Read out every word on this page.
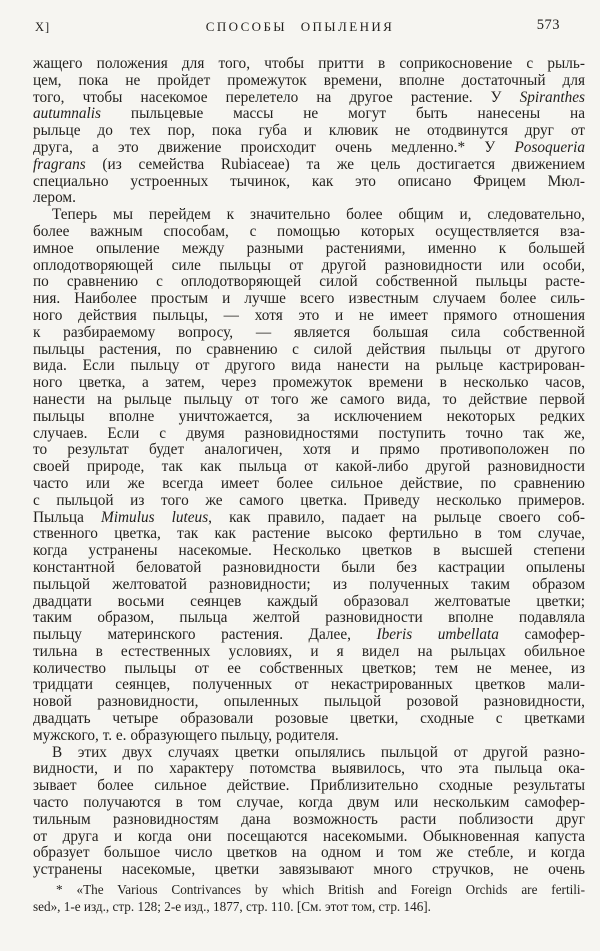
X]	СПОСОБЫ ОПЫЛЕНИЯ	573
жащего положения для того, чтобы притти в соприкосновение с рыль-
цем, пока не пройдет промежуток времени, вполне достаточный для
того, чтобы насекомое перелетело на другое растение. У Spiranthes
autumnalis пыльцевые массы не могут быть нанесены на
рыльце до тех пор, пока губа и клювик не отодвинутся друг от
друга, а это движение происходит очень медленно.* У Posoqueria
fragrans (из семейства Rubiaceae) та же цель достигается движением
специально устроенных тычинок, как это описано Фрицем Мюл-
лером.
Теперь мы перейдем к значительно более общим и, следовательно,
более важным способам, с помощью которых осуществляется вза-
имное опыление между разными растениями, именно к большей
оплодотворяющей силе пыльцы от другой разновидности или особи,
по сравнению с оплодотворяющей силой собственной пыльцы расте-
ния. Наиболее простым и лучше всего известным случаем более силь-
ного действия пыльцы, — хотя это и не имеет прямого отношения
к разбираемому вопросу, — является бо̀льшая сила собственной
пыльцы растения, по сравнению с силой действия пыльцы от другого
вида. Если пыльцу от другого вида нанести на рыльце кастрирован-
ного цветка, а затем, через промежуток времени в несколько часов,
нанести на рыльце пыльцу от того же самого вида, то действие первой
пыльцы вполне уничтожается, за исключением некоторых редких
случаев. Если с двумя разновидностями поступить точно так же,
то результат будет аналогичен, хотя и прямо противоположен по
своей природе, так как пыльца от какой-либо другой разновидности
часто или же всегда имеет более сильное действие, по сравнению
с пыльцой из того же самого цветка. Приведу несколько примеров.
Пыльца Mimulus luteus, как правило, падает на рыльце своего соб-
ственного цветка, так как растение высоко фертильно в том случае,
когда устранены насекомые. Несколько цветков в высшей степени
константной беловатой разновидности были без кастрации опылены
пыльцой желтоватой разновидности; из полученных таким образом
двадцати восьми сеянцев каждый образовал желтоватые цветки;
таким образом, пыльца желтой разновидности вполне подавляла
пыльцу материнского растения. Далее, Iberis umbellata самофер-
тильна в естественных условиях, и я видел на рыльцах обильное
количество пыльцы от ее собственных цветков; тем не менее, из
тридцати сеянцев, полученных от некастрированных цветков мали-
новой разновидности, опыленных пыльцой розовой разновидности,
двадцать четыре образовали розовые цветки, сходные с цветками
мужского, т. е. образующего пыльцу, родителя.
В этих двух случаях цветки опылялись пыльцой от другой разно-
видности, и по характеру потомства выявилось, что эта пыльца ока-
зывает более сильное действие. Приблизительно сходные результаты
часто получаются в том случае, когда двум или нескольким самофер-
тильным разновидностям дана возможность расти поблизости друг
от друга и когда они посещаются насекомыми. Обыкновенная капуста
образует большое число цветков на одном и том же стебле, и когда
устранены насекомые, цветки завязывают много стручков, не очень
* «The Various Contrivances by which British and Foreign Orchids are fertili-
sed», 1-е изд., стр. 128; 2-е изд., 1877, стр. 110. [См. этот том, стр. 146].
